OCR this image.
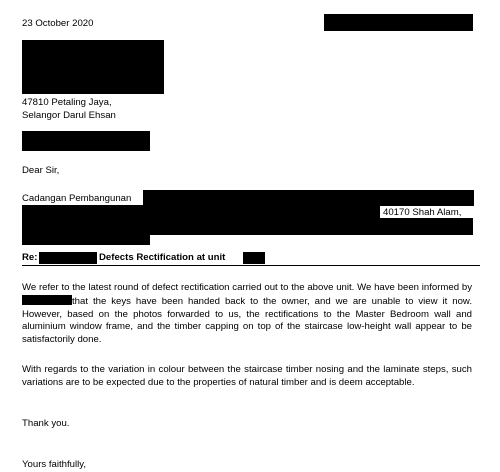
23 October 2020
47810 Petaling Jaya,
Selangor Darul Ehsan
Dear Sir,
Cadangan Pembangunan
40170 Shah Alam,
Re:	Defects Rectification at unit
We refer to the latest round of defect rectification carried out to the above unit. We have been informed by that the keys have been handed back to the owner, and we are unable to view it now. However, based on the photos forwarded to us, the rectifications to the Master Bedroom wall and aluminium window frame, and the timber capping on top of the staircase low-height wall appear to be satisfactorily done.
With regards to the variation in colour between the staircase timber nosing and the laminate steps, such variations are to be expected due to the properties of natural timber and is deem acceptable.
Thank you.
Yours faithfully,
